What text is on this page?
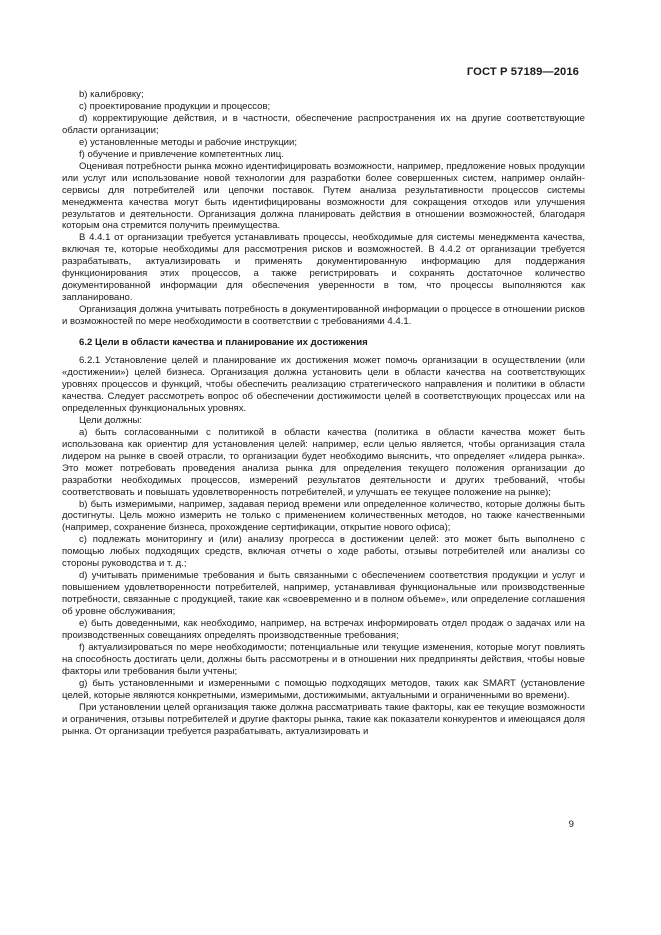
ГОСТ Р 57189—2016

b) калибровку;

c) проектирование продукции и процессов;

d) корректирующие действия, и в частности, обеспечение распространения их на другие соответствующие области организации;

e) установленные методы и рабочие инструкции;

f) обучение и привлечение компетентных лиц.

Оценивая потребности рынка можно идентифицировать возможности, например, предложение новых продукции или услуг или использование новой технологии для разработки более совершенных систем, например онлайн-сервисы для потребителей или цепочки поставок. Путем анализа результативности процессов системы менеджмента качества могут быть идентифицированы возможности для сокращения отходов или улучшения результатов и деятельности. Организация должна планировать действия в отношении возможностей, благодаря которым она стремится получить преимущества.

В 4.4.1 от организации требуется устанавливать процессы, необходимые для системы менеджмента качества, включая те, которые необходимы для рассмотрения рисков и возможностей. В 4.4.2 от организации требуется разрабатывать, актуализировать и применять документированную информацию для поддержания функционирования этих процессов, а также регистрировать и сохранять достаточное количество документированной информации для обеспечения уверенности в том, что процессы выполняются как запланировано.

Организация должна учитывать потребность в документированной информации о процессе в отношении рисков и возможностей по мере необходимости в соответствии с требованиями 4.4.1.

6.2 Цели в области качества и планирование их достижения

6.2.1 Установление целей и планирование их достижения может помочь организации в осуществлении (или «достижении») целей бизнеса. Организация должна установить цели в области качества на соответствующих уровнях процессов и функций, чтобы обеспечить реализацию стратегического направления и политики в области качества. Следует рассмотреть вопрос об обеспечении достижимости целей в соответствующих процессах или на определенных функциональных уровнях.

Цели должны:

a) быть согласованными с политикой в области качества (политика в области качества может быть использована как ориентир для установления целей: например, если целью является, чтобы организация стала лидером на рынке в своей отрасли, то организации будет необходимо выяснить, что определяет «лидера рынка». Это может потребовать проведения анализа рынка для определения текущего положения организации до разработки необходимых процессов, измерений результатов деятельности и других требований, чтобы соответствовать и повышать удовлетворенность потребителей, и улучшать ее текущее положение на рынке);

b) быть измеримыми, например, задавая период времени или определенное количество, которые должны быть достигнуты. Цель можно измерить не только с применением количественных методов, но также качественными (например, сохранение бизнеса, прохождение сертификации, открытие нового офиса);

c) подлежать мониторингу и (или) анализу прогресса в достижении целей: это может быть выполнено с помощью любых подходящих средств, включая отчеты о ходе работы, отзывы потребителей или анализы со стороны руководства и т. д.;

d) учитывать применимые требования и быть связанными с обеспечением соответствия продукции и услуг и повышением удовлетворенности потребителей, например, устанавливая функциональные или производственные потребности, связанные с продукцией, такие как «своевременно и в полном объеме», или определение соглашения об уровне обслуживания;

e) быть доведенными, как необходимо, например, на встречах информировать отдел продаж о задачах или на производственных совещаниях определять производственные требования;

f) актуализироваться по мере необходимости; потенциальные или текущие изменения, которые могут повлиять на способность достигать цели, должны быть рассмотрены и в отношении них предприняты действия, чтобы новые факторы или требования были учтены;

g) быть установленными и измеренными с помощью подходящих методов, таких как SMART (установление целей, которые являются конкретными, измеримыми, достижимыми, актуальными и ограниченными во времени).

При установлении целей организация также должна рассматривать такие факторы, как ее текущие возможности и ограничения, отзывы потребителей и другие факторы рынка, такие как показатели конкурентов и имеющаяся доля рынка. От организации требуется разрабатывать, актуализировать и

9
